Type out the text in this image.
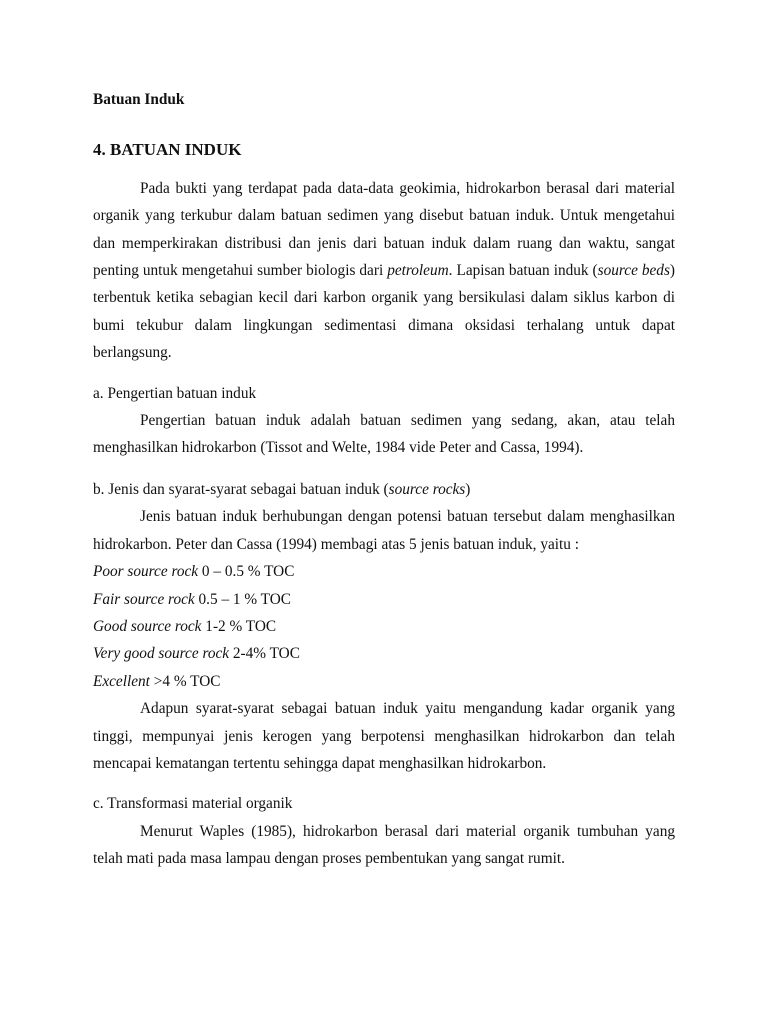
Batuan Induk

4. BATUAN INDUK

Pada bukti yang terdapat pada data-data geokimia, hidrokarbon berasal dari material organik yang terkubur dalam batuan sedimen yang disebut batuan induk. Untuk mengetahui dan memperkirakan distribusi dan jenis dari batuan induk dalam ruang dan waktu, sangat penting untuk mengetahui sumber biologis dari petroleum. Lapisan batuan induk (source beds) terbentuk ketika sebagian kecil dari karbon organik yang bersikulasi dalam siklus karbon di bumi tekubur dalam lingkungan sedimentasi dimana oksidasi terhalang untuk dapat berlangsung.

a. Pengertian batuan induk

Pengertian batuan induk adalah batuan sedimen yang sedang, akan, atau telah menghasilkan hidrokarbon (Tissot and Welte, 1984 vide Peter and Cassa, 1994).

b. Jenis dan syarat-syarat sebagai batuan induk (source rocks)

Jenis batuan induk berhubungan dengan potensi batuan tersebut dalam menghasilkan hidrokarbon. Peter dan Cassa (1994) membagi atas 5 jenis batuan induk, yaitu :

Poor source rock 0 – 0.5 % TOC

Fair source rock 0.5 – 1 % TOC

Good source rock 1-2 % TOC

Very good source rock 2-4% TOC

Excellent >4 % TOC

Adapun syarat-syarat sebagai batuan induk yaitu mengandung kadar organik yang tinggi, mempunyai jenis kerogen yang berpotensi menghasilkan hidrokarbon dan telah mencapai kematangan tertentu sehingga dapat menghasilkan hidrokarbon.

c. Transformasi material organik

Menurut Waples (1985), hidrokarbon berasal dari material organik tumbuhan yang telah mati pada masa lampau dengan proses pembentukan yang sangat rumit.
